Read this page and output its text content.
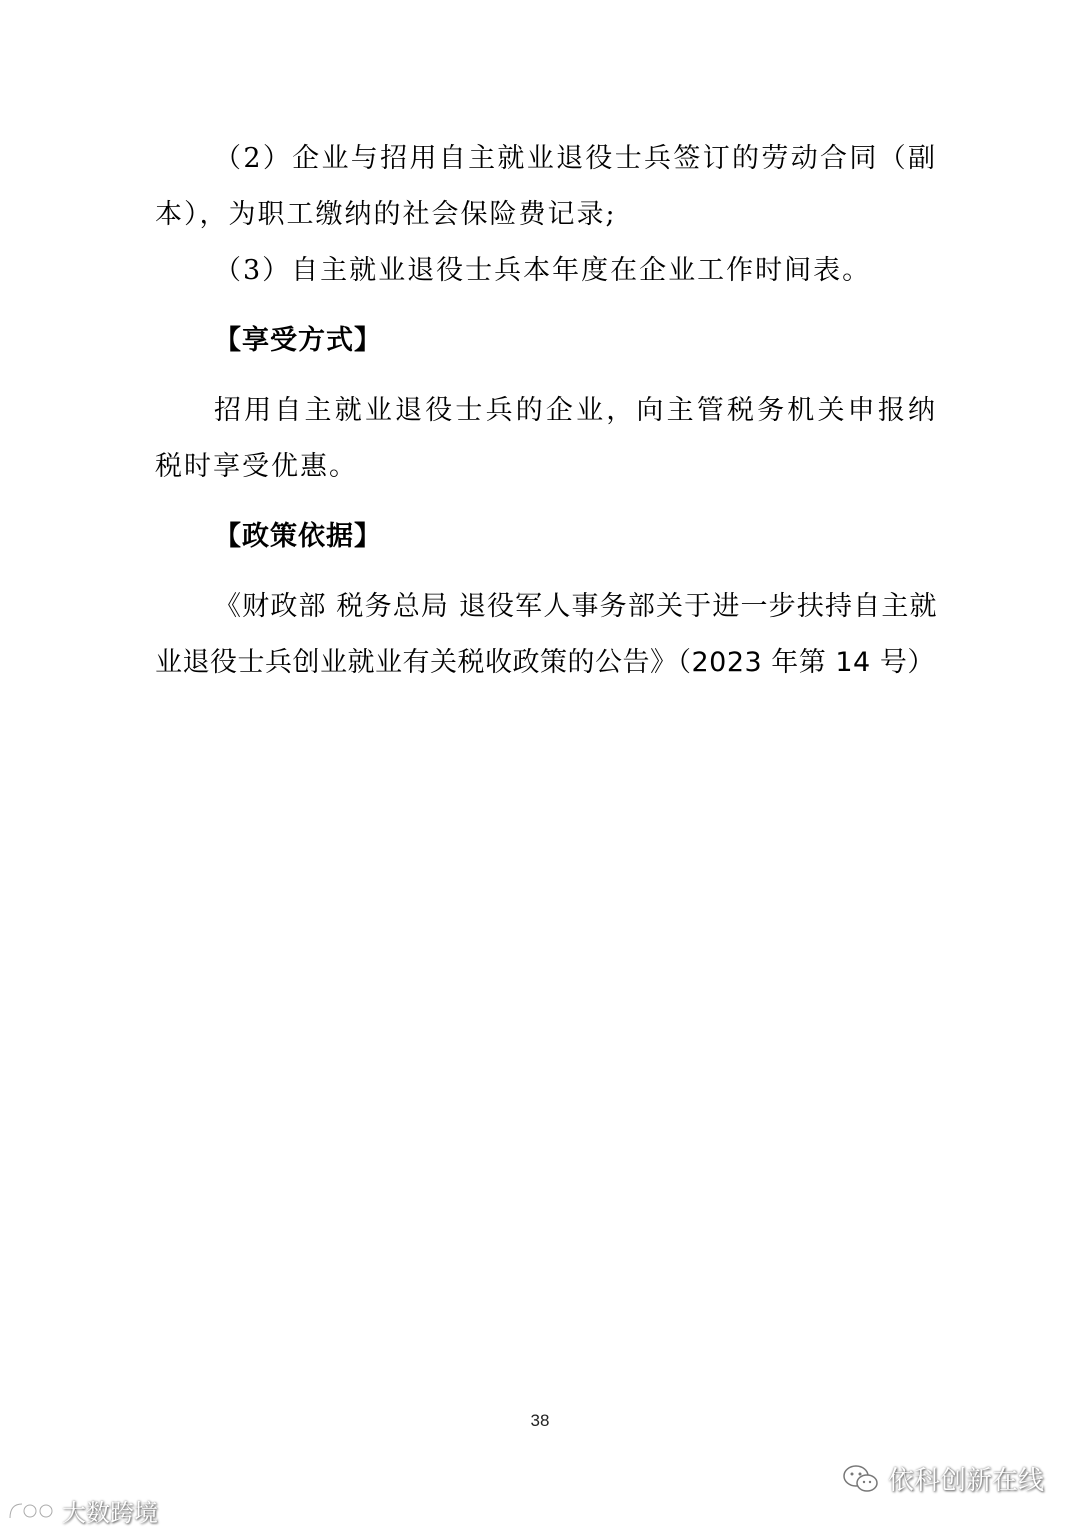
（2）企业与招用自主就业退役士兵签订的劳动合同（副本），为职工缴纳的社会保险费记录;

（3）自主就业退役士兵本年度在企业工作时间表。

【享受方式】

招用自主就业退役士兵的企业，向主管税务机关申报纳税时享受优惠。

【政策依据】

《财政部 税务总局 退役军人事务部关于进一步扶持自主就业退役士兵创业就业有关税收政策的公告》（2023 年第 14 号）

38
依科创新在线
大数跨境
